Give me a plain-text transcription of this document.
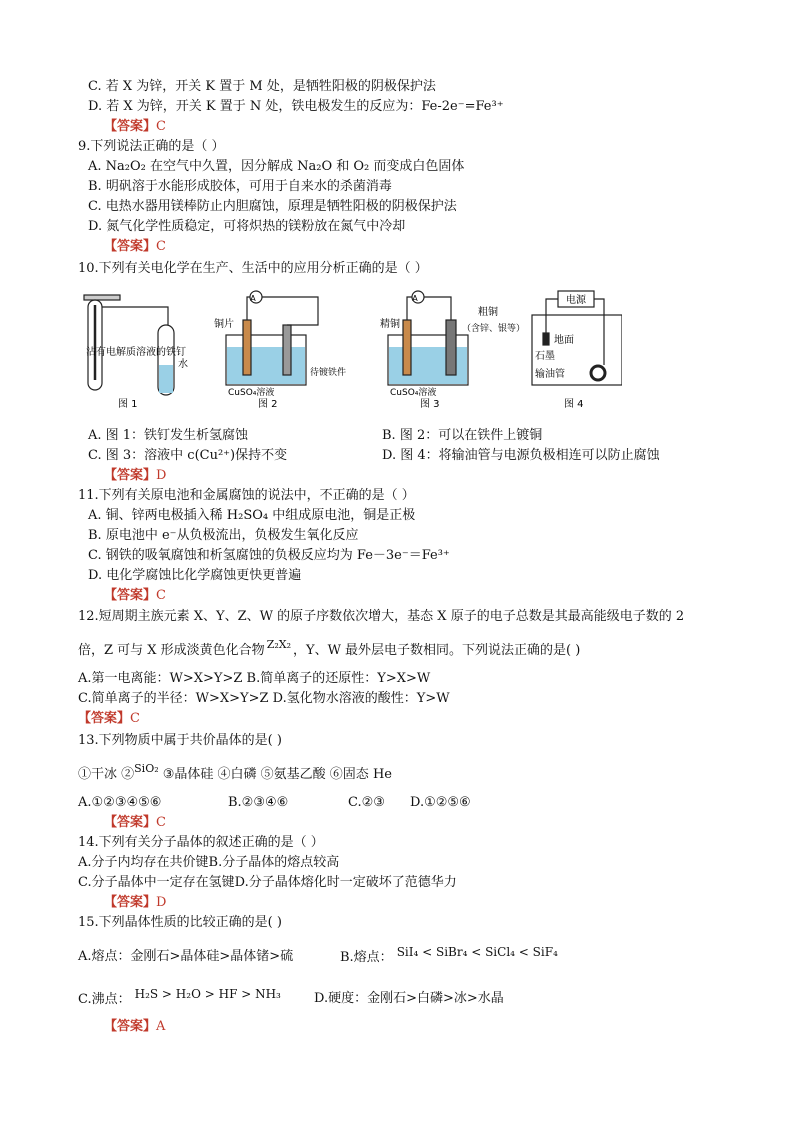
C. 若 X 为锌，开关 K 置于 M 处，是牺牲阳极的阴极保护法
D. 若 X 为锌，开关 K 置于 N 处，铁电极发生的反应为：Fe-2e⁻=Fe³⁺
【答案】C
9.下列说法正确的是（ ）
A. Na₂O₂ 在空气中久置，因分解成 Na₂O 和 O₂ 而变成白色固体
B. 明矾溶于水能形成胶体，可用于自来水的杀菌消毒
C. 电热水器用镁棒防止内胆腐蚀，原理是牺牲阳极的阴极保护法
D. 氮气化学性质稳定，可将炽热的镁粉放在氮气中冷却
【答案】C
10.下列有关电化学在生产、生活中的应用分析正确的是（ ）
沾有电解质溶液的铁钉
水
图 1
A
铜片
CuSO₄溶液
待镀铁件
图 2
A
精铜
粗铜
（含锌、银等）
CuSO₄溶液
图 3
电源
地面
石墨
输油管
图 4
A. 图 1：铁钉发生析氢腐蚀	B. 图 2：可以在铁件上镀铜
C. 图 3：溶液中 c(Cu²⁺)保持不变	D. 图 4：将输油管与电源负极相连可以防止腐蚀
【答案】D
11.下列有关原电池和金属腐蚀的说法中，不正确的是（ ）
A. 铜、锌两电极插入稀 H₂SO₄ 中组成原电池，铜是正极
B. 原电池中 e⁻从负极流出，负极发生氧化反应
C. 钢铁的吸氧腐蚀和析氢腐蚀的负极反应均为 Fe－3e⁻＝Fe³⁺
D. 电化学腐蚀比化学腐蚀更快更普遍
【答案】C
12.短周期主族元素 X、Y、Z、W 的原子序数依次增大，基态 X 原子的电子总数是其最高能级电子数的 2
倍，Z 可与 X 形成淡黄色化合物 $^{Z_2X_2}$ ，Y、W 最外层电子数相同。下列说法正确的是( )
A.第一电离能：W>X>Y>Z B.简单离子的还原性：Y>X>W
C.简单离子的半径：W>X>Y>Z D.氢化物水溶液的酸性：Y>W
【答案】C
13.下列物质中属于共价晶体的是( )
①干冰 ②$^{SiO_2}$ ③晶体硅 ④白磷 ⑤氨基乙酸 ⑥固态 He
A.①②③④⑤⑥	B.②③④⑥	C.②③ D.①②⑤⑥
【答案】C
14.下列有关分子晶体的叙述正确的是（ ）
A.分子内均存在共价键B.分子晶体的熔点较高
C.分子晶体中一定存在氢键D.分子晶体熔化时一定破坏了范德华力
【答案】D
15.下列晶体性质的比较正确的是( )
A.熔点：金刚石>晶体硅>晶体锗>硫	B.熔点： SiI₄ < SiBr₄ < SiCl₄ < SiF₄
C.沸点： H₂S > H₂O > HF > NH₃	D.硬度：金刚石>白磷>冰>水晶
【答案】A
